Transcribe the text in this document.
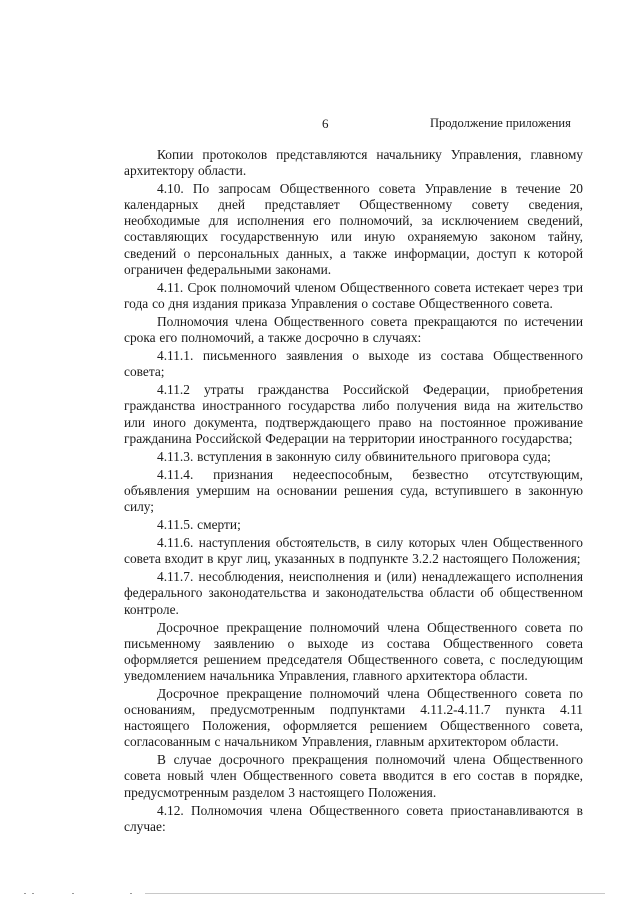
6	Продолжение приложения

Копии протоколов представляются начальнику Управления, главному архитектору области.

4.10. По запросам Общественного совета Управление в течение 20 календарных дней представляет Общественному совету сведения, необходимые для исполнения его полномочий, за исключением сведений, составляющих государственную или иную охраняемую законом тайну, сведений о персональных данных, а также информации, доступ к которой ограничен федеральными законами.

4.11. Срок полномочий членом Общественного совета истекает через три года со дня издания приказа Управления о составе Общественного совета.

Полномочия члена Общественного совета прекращаются по истечении срока его полномочий, а также досрочно в случаях:

4.11.1. письменного заявления о выходе из состава Общественного совета;

4.11.2 утраты гражданства Российской Федерации, приобретения гражданства иностранного государства либо получения вида на жительство или иного документа, подтверждающего право на постоянное проживание гражданина Российской Федерации на территории иностранного государства;

4.11.3. вступления в законную силу обвинительного приговора суда;

4.11.4. признания недееспособным, безвестно отсутствующим, объявления умершим на основании решения суда, вступившего в законную силу;

4.11.5. смерти;

4.11.6. наступления обстоятельств, в силу которых член Общественного совета входит в круг лиц, указанных в подпункте 3.2.2 настоящего Положения;

4.11.7. несоблюдения, неисполнения и (или) ненадлежащего исполнения федерального законодательства и законодательства области об общественном контроле.

Досрочное прекращение полномочий члена Общественного совета по письменному заявлению о выходе из состава Общественного совета оформляется решением председателя Общественного совета, с последующим уведомлением начальника Управления, главного архитектора области.

Досрочное прекращение полномочий члена Общественного совета по основаниям, предусмотренным подпунктами 4.11.2-4.11.7 пункта 4.11 настоящего Положения, оформляется решением Общественного совета, согласованным с начальником Управления, главным архитектором области.

В случае досрочного прекращения полномочий члена Общественного совета новый член Общественного совета вводится в его состав в порядке, предусмотренным разделом 3 настоящего Положения.

4.12. Полномочия члена Общественного совета приостанавливаются в случае:
